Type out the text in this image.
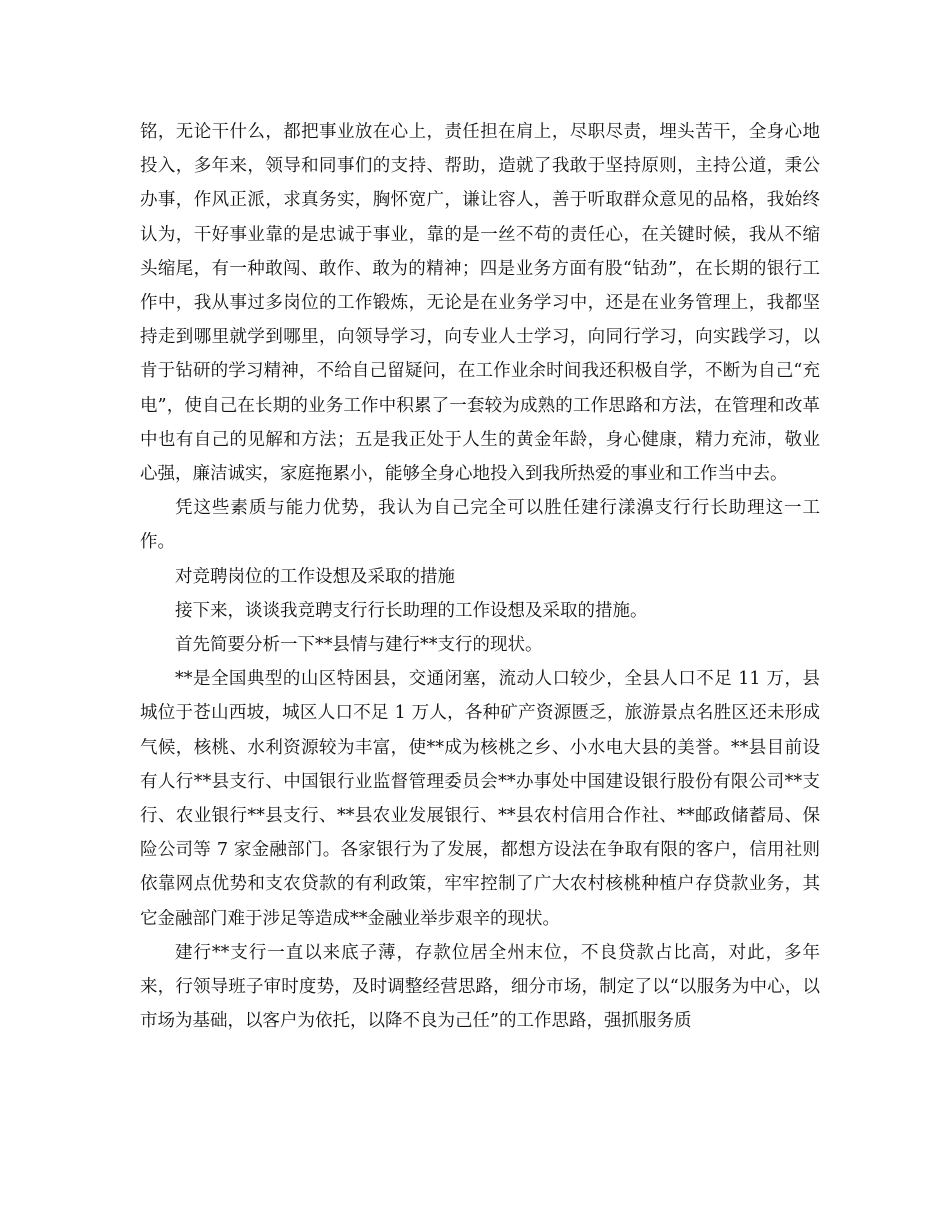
铭，无论干什么，都把事业放在心上，责任担在肩上，尽职尽责，埋头苦干，全身心地投入，多年来，领导和同事们的支持、帮助，造就了我敢于坚持原则，主持公道，秉公办事，作风正派，求真务实，胸怀宽广，谦让容人，善于听取群众意见的品格，我始终认为，干好事业靠的是忠诚于事业，靠的是一丝不苟的责任心，在关键时候，我从不缩头缩尾，有一种敢闯、敢作、敢为的精神；四是业务方面有股“钻劲”，在长期的银行工作中，我从事过多岗位的工作锻炼，无论是在业务学习中，还是在业务管理上，我都坚持走到哪里就学到哪里，向领导学习，向专业人士学习，向同行学习，向实践学习，以肯于钻研的学习精神，不给自己留疑问，在工作业余时间我还积极自学，不断为自己“充电”，使自己在长期的业务工作中积累了一套较为成熟的工作思路和方法，在管理和改革中也有自己的见解和方法；五是我正处于人生的黄金年龄，身心健康，精力充沛，敬业心强，廉洁诚实，家庭拖累小，能够全身心地投入到我所热爱的事业和工作当中去。

凭这些素质与能力优势，我认为自己完全可以胜任建行漾濞支行行长助理这一工作。

对竞聘岗位的工作设想及采取的措施

接下来，谈谈我竞聘支行行长助理的工作设想及采取的措施。

首先简要分析一下**县情与建行**支行的现状。

**是全国典型的山区特困县，交通闭塞，流动人口较少，全县人口不足 11 万，县城位于苍山西坡，城区人口不足 1 万人，各种矿产资源匮乏，旅游景点名胜区还未形成气候，核桃、水利资源较为丰富，使**成为核桃之乡、小水电大县的美誉。**县目前设有人行**县支行、中国银行业监督管理委员会**办事处中国建设银行股份有限公司**支行、农业银行**县支行、**县农业发展银行、**县农村信用合作社、**邮政储蓄局、保险公司等 7 家金融部门。各家银行为了发展，都想方设法在争取有限的客户，信用社则依靠网点优势和支农贷款的有利政策，牢牢控制了广大农村核桃种植户存贷款业务，其它金融部门难于涉足等造成**金融业举步艰辛的现状。

建行**支行一直以来底子薄，存款位居全州末位，不良贷款占比高，对此，多年来，行领导班子审时度势，及时调整经营思路，细分市场，制定了以“以服务为中心，以市场为基础，以客户为依托，以降不良为己任”的工作思路，强抓服务质
